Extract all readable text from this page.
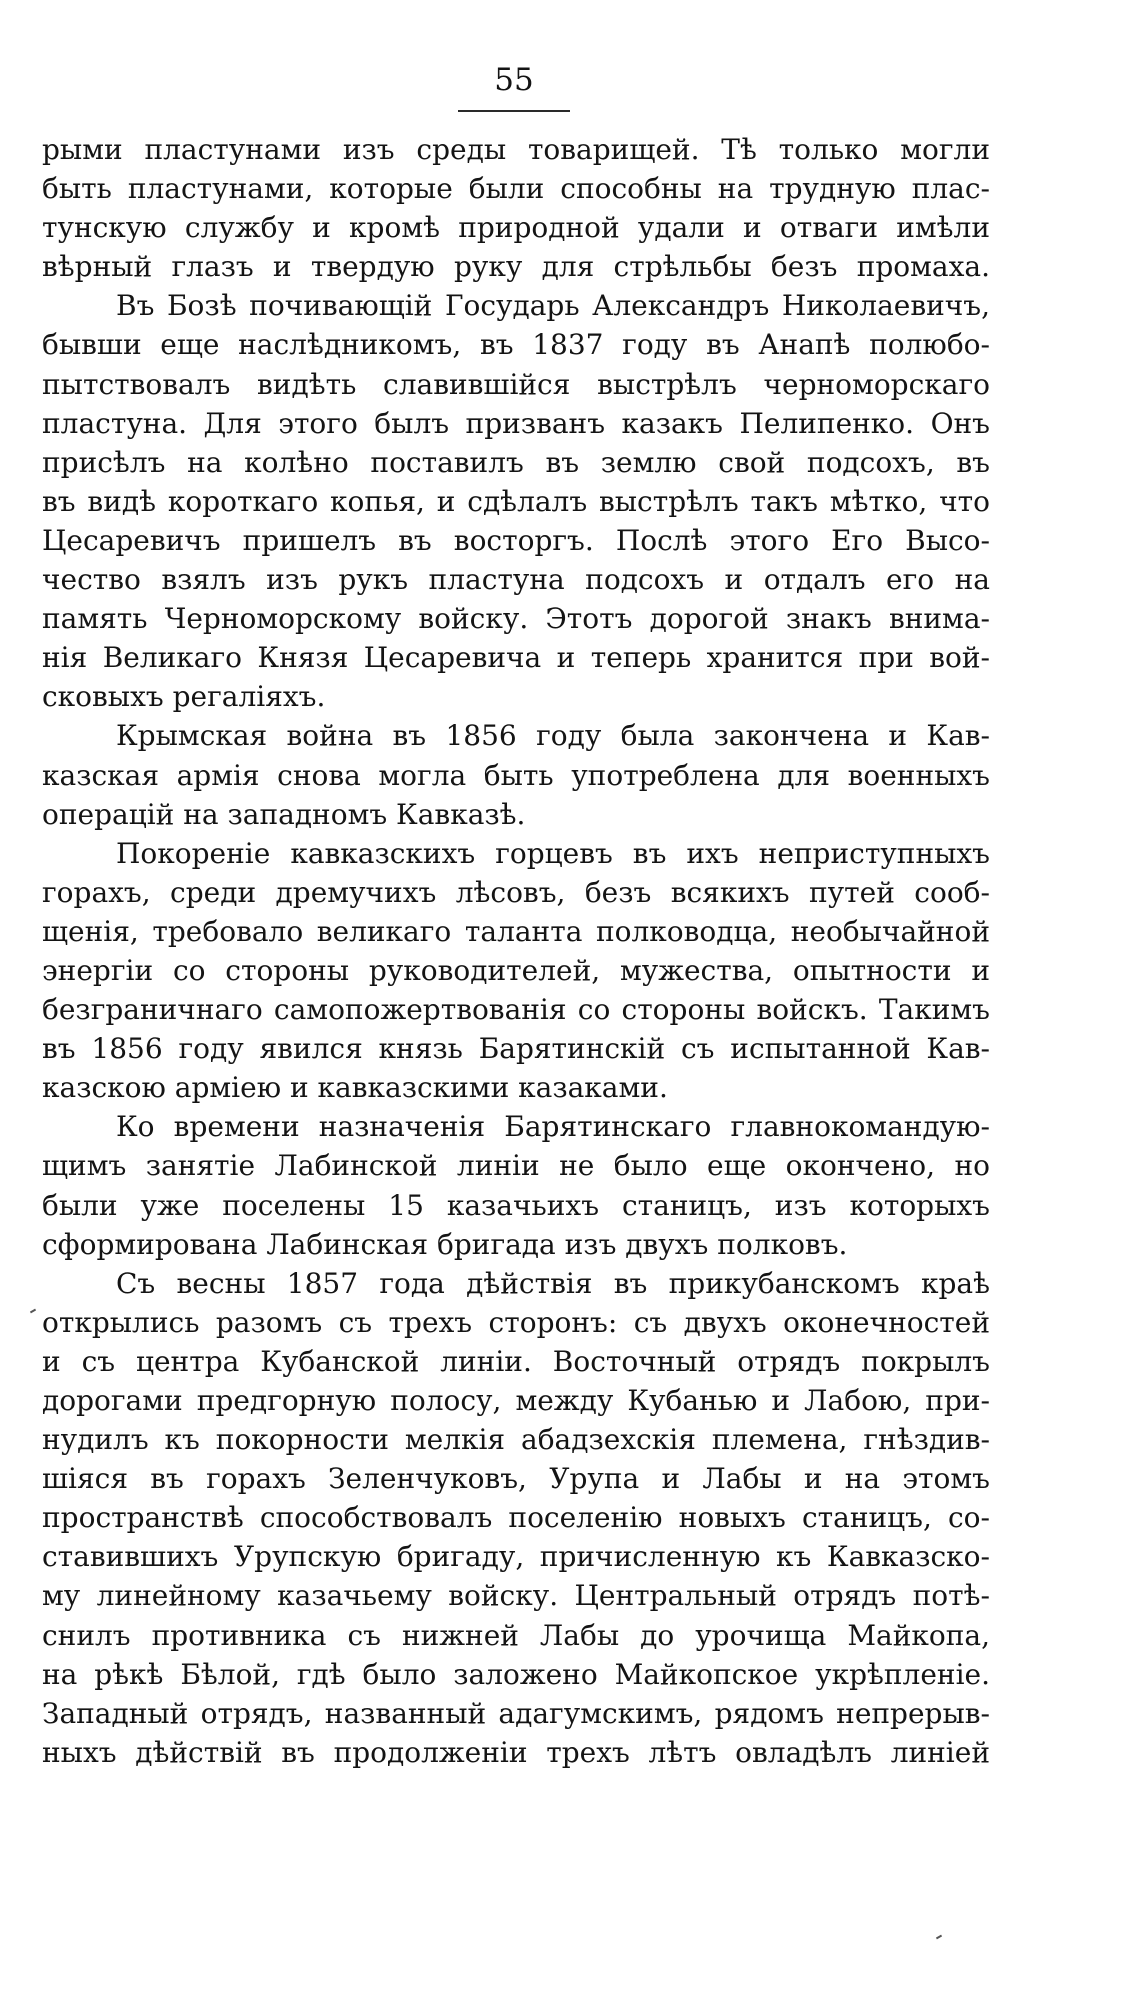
55
рыми пластунами изъ среды товарищей. Тѣ только могли
быть пластунами, которые были способны на трудную плас-
тунскую службу и кромѣ природной удали и отваги имѣли
вѣрный глазъ и твердую руку для стрѣльбы безъ промаха.
Въ Бозѣ почивающій Государь Александръ Николаевичъ,
бывши еще наслѣдникомъ, въ 1837 году въ Анапѣ полюбо-
пытствовалъ видѣть славившійся выстрѣлъ черноморскаго
пластуна. Для этого былъ призванъ казакъ Пелипенко. Онъ
присѣлъ на колѣно поставилъ въ землю свой подсохъ, въ
въ видѣ короткаго копья, и сдѣлалъ выстрѣлъ такъ мѣтко, что
Цесаревичъ пришелъ въ восторгъ. Послѣ этого Его Высо-
чество взялъ изъ рукъ пластуна подсохъ и отдалъ его на
память Черноморскому войску. Этотъ дорогой знакъ внима-
нія Великаго Князя Цесаревича и теперь хранится при вой-
сковыхъ регаліяхъ.
Крымская война въ 1856 году была закончена и Кав-
казская армія снова могла быть употреблена для военныхъ
операцій на западномъ Кавказѣ.
Покореніе кавказскихъ горцевъ въ ихъ неприступныхъ
горахъ, среди дремучихъ лѣсовъ, безъ всякихъ путей сооб-
щенія, требовало великаго таланта полководца, необычайной
энергіи со стороны руководителей, мужества, опытности и
безграничнаго самопожертвованія со стороны войскъ. Такимъ
въ 1856 году явился князь Барятинскій съ испытанной Кав-
казскою арміею и кавказскими казаками.
Ко времени назначенія Барятинскаго главнокомандую-
щимъ занятіе Лабинской линіи не было еще окончено, но
были уже поселены 15 казачьихъ станицъ, изъ которыхъ
сформирована Лабинская бригада изъ двухъ полковъ.
Съ весны 1857 года дѣйствія въ прикубанскомъ краѣ
открылись разомъ съ трехъ сторонъ: съ двухъ оконечностей
и съ центра Кубанской линіи. Восточный отрядъ покрылъ
дорогами предгорную полосу, между Кубанью и Лабою, при-
нудилъ къ покорности мелкія абадзехскія племена, гнѣздив-
шіяся въ горахъ Зеленчуковъ, Урупа и Лабы и на этомъ
пространствѣ способствовалъ поселенію новыхъ станицъ, со-
ставившихъ Урупскую бригаду, причисленную къ Кавказско-
му линейному казачьему войску. Центральный отрядъ потѣ-
снилъ противника съ нижней Лабы до урочища Майкопа,
на рѣкѣ Бѣлой, гдѣ было заложено Майкопское укрѣпленіе.
Западный отрядъ, названный адагумскимъ, рядомъ непрерыв-
ныхъ дѣйствій въ продолженіи трехъ лѣтъ овладѣлъ линіей
